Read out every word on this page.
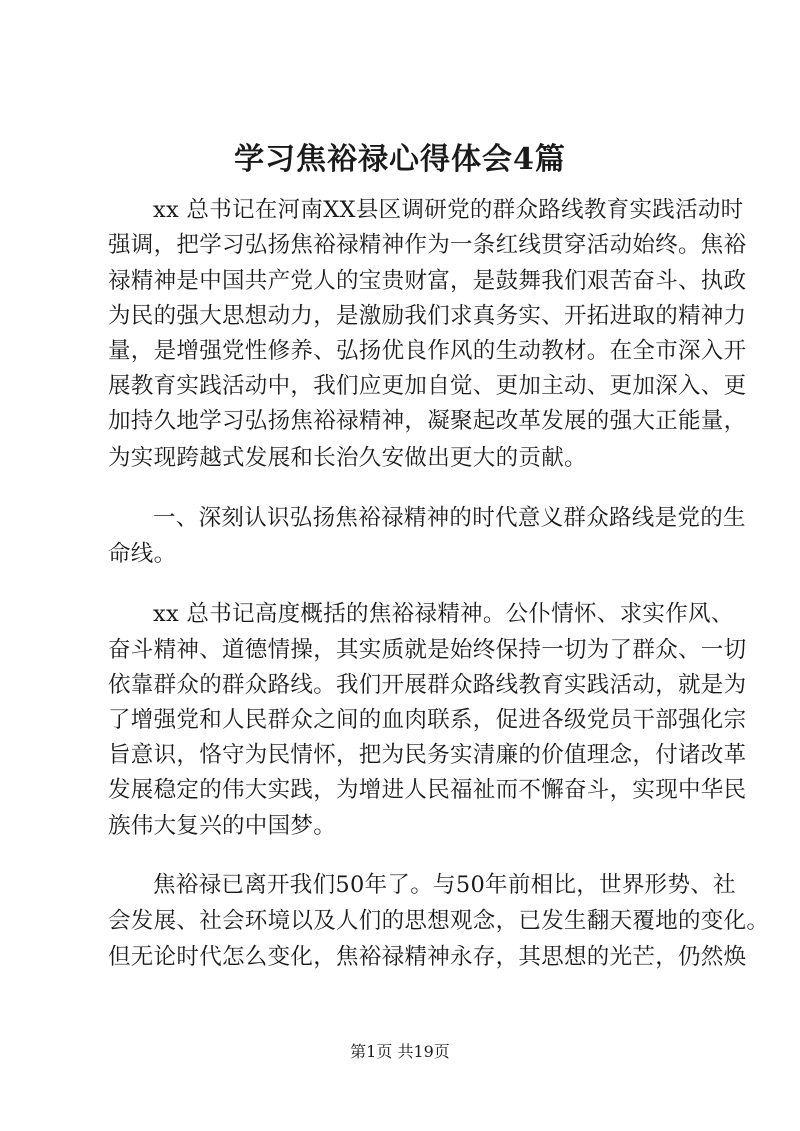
学习焦裕禄心得体会4篇
xx 总书记在河南XX县区调研党的群众路线教育实践活动时
强调，把学习弘扬焦裕禄精神作为一条红线贯穿活动始终。焦裕
禄精神是中国共产党人的宝贵财富，是鼓舞我们艰苦奋斗、执政
为民的强大思想动力，是激励我们求真务实、开拓进取的精神力
量，是增强党性修养、弘扬优良作风的生动教材。在全市深入开
展教育实践活动中，我们应更加自觉、更加主动、更加深入、更
加持久地学习弘扬焦裕禄精神，凝聚起改革发展的强大正能量，
为实现跨越式发展和长治久安做出更大的贡献。
一、深刻认识弘扬焦裕禄精神的时代意义群众路线是党的生
命线。
xx 总书记高度概括的焦裕禄精神。公仆情怀、求实作风、
奋斗精神、道德情操，其实质就是始终保持一切为了群众、一切
依靠群众的群众路线。我们开展群众路线教育实践活动，就是为
了增强党和人民群众之间的血肉联系，促进各级党员干部强化宗
旨意识，恪守为民情怀，把为民务实清廉的价值理念，付诸改革
发展稳定的伟大实践，为增进人民福祉而不懈奋斗，实现中华民
族伟大复兴的中国梦。
焦裕禄已离开我们50年了。与50年前相比，世界形势、社
会发展、社会环境以及人们的思想观念，已发生翻天覆地的变化。
但无论时代怎么变化，焦裕禄精神永存，其思想的光芒，仍然焕
第1页 共19页
